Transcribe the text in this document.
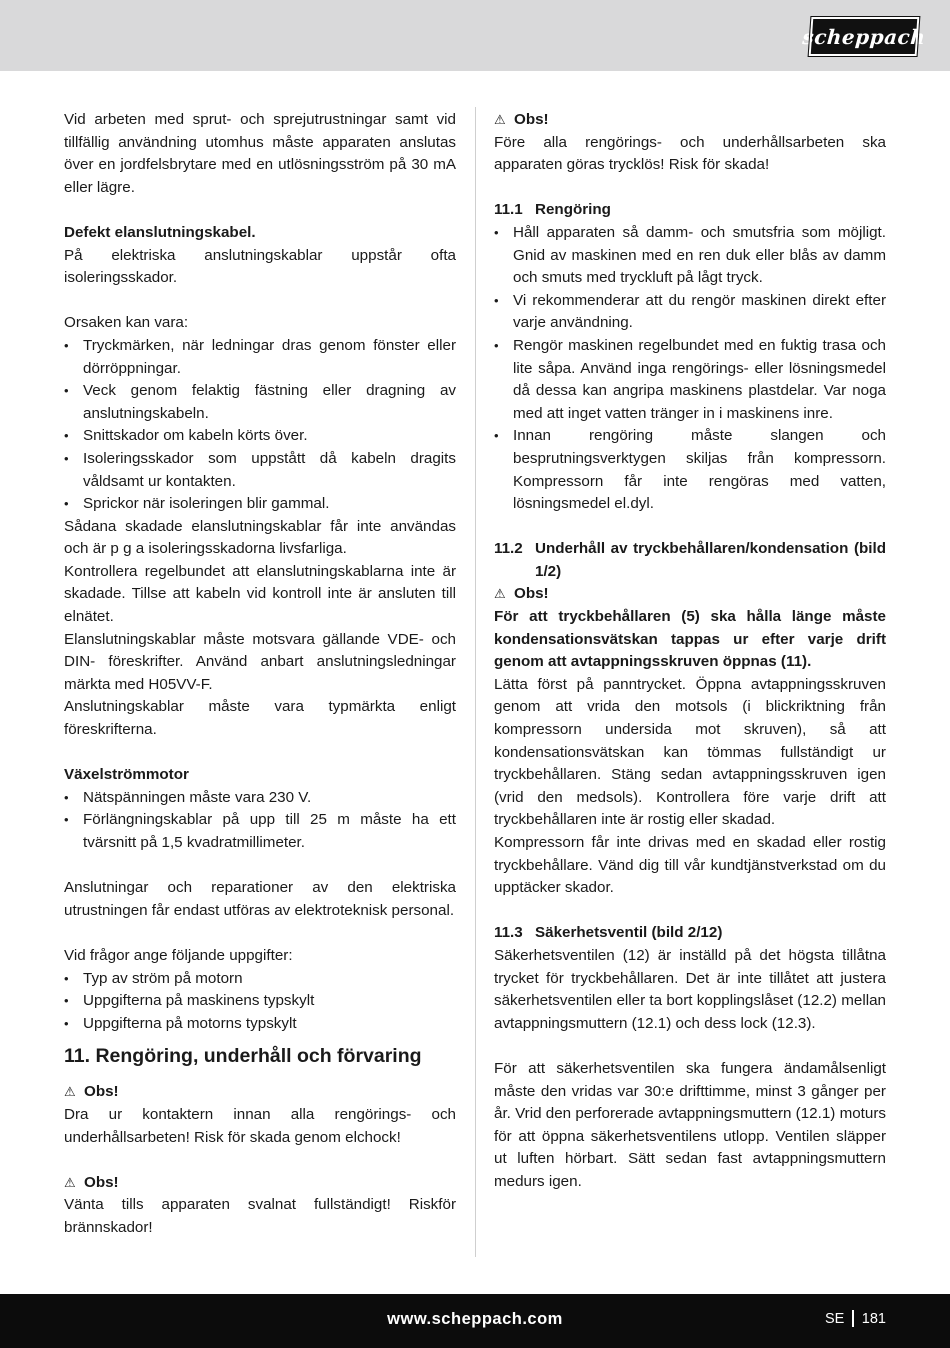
scheppach

Vid arbeten med sprut- och sprejutrustningar samt vid tillfällig användning utomhus måste apparaten anslutas över en jordfelsbrytare med en utlösningsström på 30 mA eller lägre.

Defekt elanslutningskabel.

På elektriska anslutningskablar uppstår ofta isoleringsskador.

Orsaken kan vara:

• Tryckmärken, när ledningar dras genom fönster eller dörröppningar.
• Veck genom felaktig fästning eller dragning av anslutningskabeln.
• Snittskador om kabeln körts över.
• Isoleringsskador som uppstått då kabeln dragits våldsamt ur kontakten.
• Sprickor när isoleringen blir gammal.

Sådana skadade elanslutningskablar får inte användas och är p g a isoleringsskadorna livsfarliga.

Kontrollera regelbundet att elanslutningskablarna inte är skadade. Tillse att kabeln vid kontroll inte är ansluten till elnätet.

Elanslutningskablar måste motsvara gällande VDE- och DIN- föreskrifter. Använd anbart anslutningsledningar märkta med H05VV-F.

Anslutningskablar måste vara typmärkta enligt föreskrifterna.

Växelströmmotor

• Nätspänningen måste vara 230 V.
• Förlängningskablar på upp till 25 m måste ha ett tvärsnitt på 1,5 kvadratmillimeter.

Anslutningar och reparationer av den elektriska utrustningen får endast utföras av elektroteknisk personal.

Vid frågor ange följande uppgifter:

• Typ av ström på motorn
• Uppgifterna på maskinens typskylt
• Uppgifterna på motorns typskylt
11. Rengöring, underhåll och förvaring

⚠ Obs!

Dra ur kontaktern innan alla rengörings- och underhållsarbeten! Risk för skada genom elchock!

⚠ Obs!

Vänta tills apparaten svalnat fullständigt! Riskför brännskador!

⚠ Obs!

Före alla rengörings- och underhållsarbeten ska apparaten göras trycklös! Risk för skada!

11.1 Rengöring

• Håll apparaten så damm- och smutsfria som möjligt. Gnid av maskinen med en ren duk eller blås av damm och smuts med tryckluft på lågt tryck.
• Vi rekommenderar att du rengör maskinen direkt efter varje användning.
• Rengör maskinen regelbundet med en fuktig trasa och lite såpa. Använd inga rengörings- eller lösningsmedel då dessa kan angripa maskinens plastdelar. Var noga med att inget vatten tränger in i maskinens inre.
• Innan rengöring måste slangen och besprutningsverktygen skiljas från kompressorn. Kompressorn får inte rengöras med vatten, lösningsmedel el.dyl.

11.2 Underhåll av tryckbehållaren/kondensation (bild 1/2)

⚠ Obs!

För att tryckbehållaren (5) ska hålla länge måste kondensationsvätskan tappas ur efter varje drift genom att avtappningsskruven öppnas (11).

Lätta först på panntrycket. Öppna avtappningsskruven genom att vrida den motsols (i blickriktning från kompressorn undersida mot skruven), så att kondensationsvätskan kan tömmas fullständigt ur tryckbehållaren. Stäng sedan avtappningsskruven igen (vrid den medsols). Kontrollera före varje drift att tryckbehållaren inte är rostig eller skadad.

Kompressorn får inte drivas med en skadad eller rostig tryckbehållare. Vänd dig till vår kundtjänstverkstad om du upptäcker skador.

11.3 Säkerhetsventil (bild 2/12)

Säkerhetsventilen (12) är inställd på det högsta tillåtna trycket för tryckbehållaren. Det är inte tillåtet att justera säkerhetsventilen eller ta bort kopplingslåset (12.2) mellan avtappningsmuttern (12.1) och dess lock (12.3).

För att säkerhetsventilen ska fungera ändamålsenligt måste den vridas var 30:e drifttimme, minst 3 gånger per år. Vrid den perforerade avtappningsmuttern (12.1) moturs för att öppna säkerhetsventilens utlopp. Ventilen släpper ut luften hörbart. Sätt sedan fast avtappningsmuttern medurs igen.

www.scheppach.com	SE 181
